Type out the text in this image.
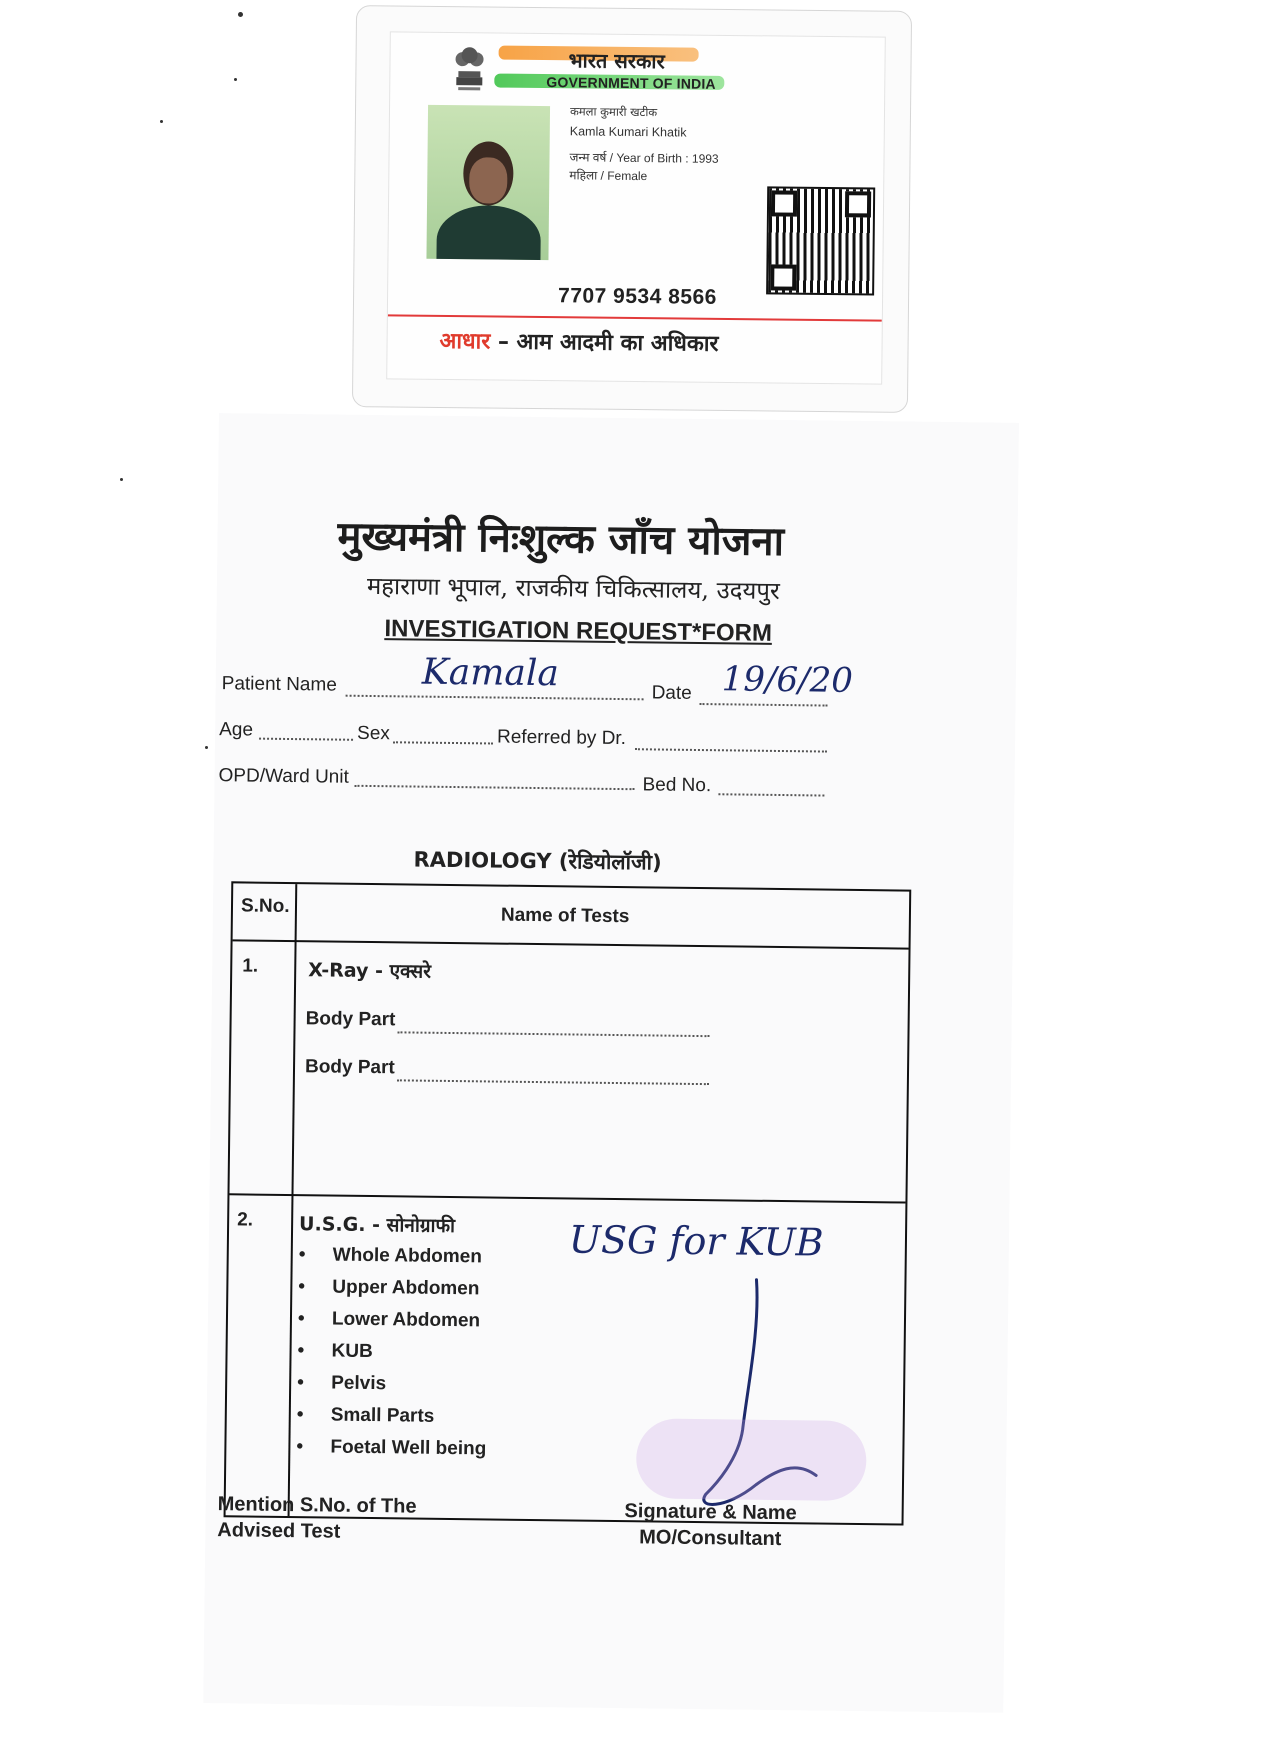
भारत सरकार
GOVERNMENT OF INDIA
कमला कुमारी खटीक
Kamla Kumari Khatik
जन्म वर्ष / Year of Birth : 1993
महिला / Female
7707 9534 8566
आधार – आम आदमी का अधिकार
मुख्यमंत्री निःशुल्क जाँच योजना
महाराणा भूपाल, राजकीय चिकित्सालय, उदयपुर
INVESTIGATION REQUEST*FORM
Patient Name Kamala	Date 19/6/20
Age	Sex	Referred by Dr.
OPD/Ward Unit	Bed No.
RADIOLOGY (रेडियोलॉजी)
S.No.	Name of Tests
1.	X-Ray - एक्सरे
Body Part
Body Part
2. U.S.G. - सोनोग्राफी
• Whole Abdomen
• Upper Abdomen
• Lower Abdomen
• KUB
• Pelvis
• Small Parts
• Foetal Well being
USG for KUB
Mention S.No. of The Advised Test
Signature & Name MO/Consultant
